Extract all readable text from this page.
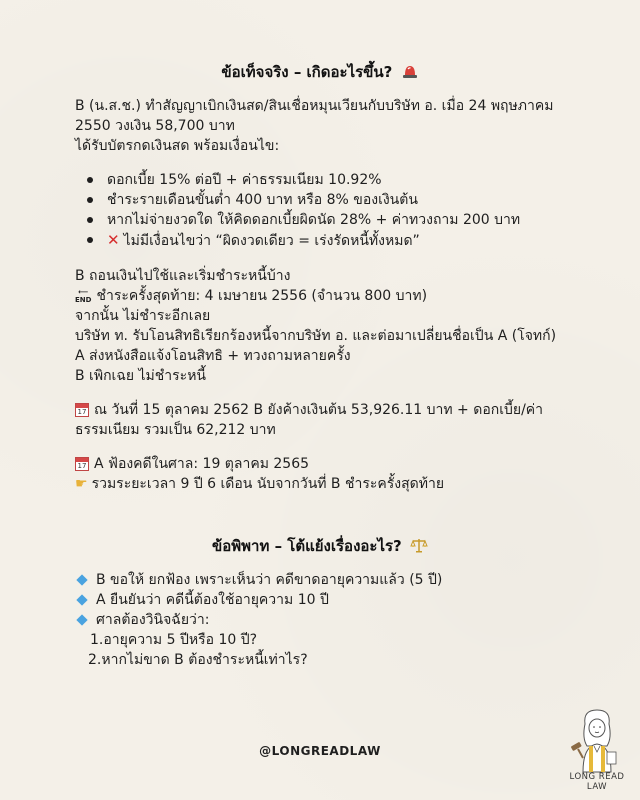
ข้อเท็จจริง – เกิดอะไรขึ้น?
B (น.ส.ช.) ทำสัญญาเบิกเงินสด/สินเชื่อหมุนเวียนกับบริษัท อ. เมื่อ 24 พฤษภาคม
2550 วงเงิน 58,700 บาท
ได้รับบัตรกดเงินสด พร้อมเงื่อนไข:
ดอกเบี้ย 15% ต่อปี + ค่าธรรมเนียม 10.92%
ชำระรายเดือนขั้นต่ำ 400 บาท หรือ 8% ของเงินต้น
หากไม่จ่ายงวดใด ให้คิดดอกเบี้ยผิดนัด 28% + ค่าทวงถาม 200 บาท
✕ ไม่มีเงื่อนไขว่า “ผิดงวดเดียว = เร่งรัดหนี้ทั้งหมด”
B ถอนเงินไปใช้และเริ่มชำระหนี้บ้าง
⟵
END ชำระครั้งสุดท้าย: 4 เมษายน 2556 (จำนวน 800 บาท)
จากนั้น ไม่ชำระอีกเลย
บริษัท ท. รับโอนสิทธิเรียกร้องหนี้จากบริษัท อ. และต่อมาเปลี่ยนชื่อเป็น A (โจทก์)
A ส่งหนังสือแจ้งโอนสิทธิ + ทวงถามหลายครั้ง
B เพิกเฉย ไม่ชำระหนี้
17 ณ วันที่ 15 ตุลาคม 2562 B ยังค้างเงินต้น 53,926.11 บาท + ดอกเบี้ย/ค่า
ธรรมเนียม รวมเป็น 62,212 บาท
17 A ฟ้องคดีในศาล: 19 ตุลาคม 2565
☛ รวมระยะเวลา 9 ปี 6 เดือน นับจากวันที่ B ชำระครั้งสุดท้าย
ข้อพิพาท – โต้แย้งเรื่องอะไร?
B ขอให้ ยกฟ้อง เพราะเห็นว่า คดีขาดอายุความแล้ว (5 ปี)
A ยืนยันว่า คดีนี้ต้องใช้อายุความ 10 ปี
ศาลต้องวินิจฉัยว่า:
1.อายุความ 5 ปีหรือ 10 ปี?
2.หากไม่ขาด B ต้องชำระหนี้เท่าไร?
@LONGREADLAW
LONG READ
LAW
